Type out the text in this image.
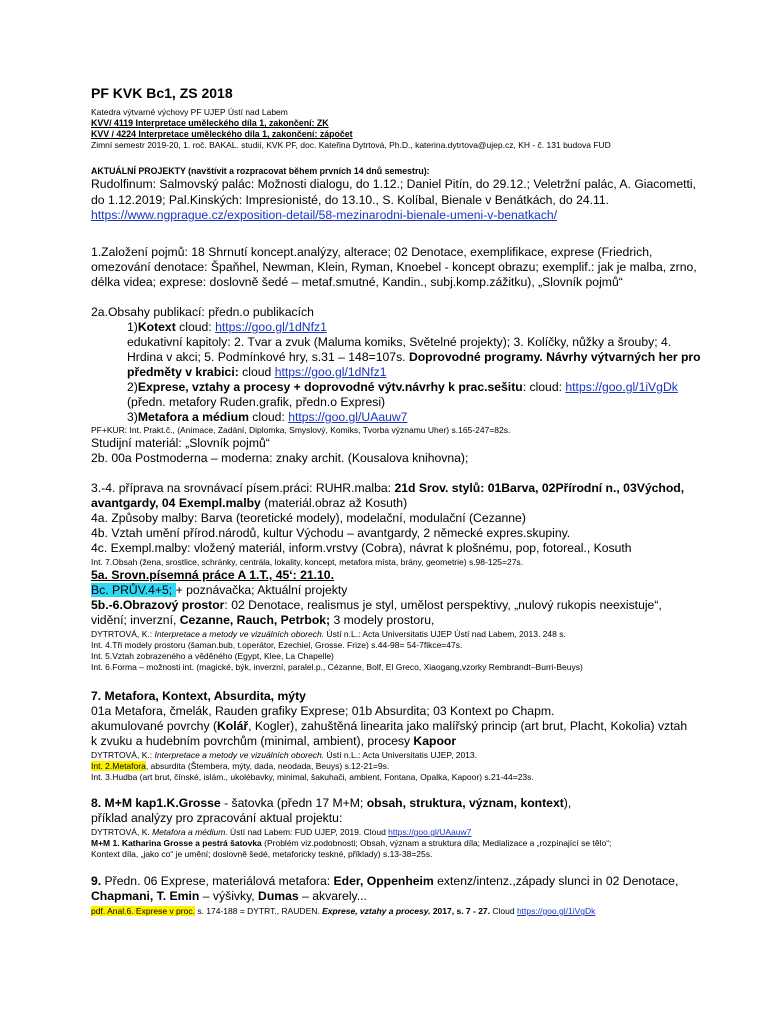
PF KVK Bc1, ZS 2018
Katedra výtvarné výchovy PF UJEP Ústí nad Labem
KVV/ 4119 Interpretace uměleckého díla 1, zakončení: ZK
KVV / 4224 Interpretace uměleckého díla 1, zakončení: zápočet
Zimní semestr 2019-20, 1. roč. BAKAL. studií, KVK PF, doc. Kateřina Dytrtová, Ph.D., katerina.dytrtova@ujep.cz, KH - č. 131 budova FUD
AKTUÁLNÍ PROJEKTY (navštívit a rozpracovat během prvních 14 dnů semestru):
Rudolfinum: Salmovský palác: Možnosti dialogu, do 1.12.; Daniel Pitín, do 29.12.; Veletržní palác, A. Giacometti,
do 1.12.2019; Pal.Kinských: Impresionisté, do 13.10., S. Kolíbal, Bienale v Benátkách, do 24.11.
https://www.ngprague.cz/exposition-detail/58-mezinarodni-bienale-umeni-v-benatkach/
1.Založení pojmů: 18 Shrnutí koncept.analýzy, alterace; 02 Denotace, exemplifikace, exprese (Friedrich,
omezování denotace: Špaňhel, Newman, Klein, Ryman, Knoebel - koncept obrazu; exemplif.: jak je malba, zrno,
délka videa; exprese: doslovně šedé – metaf.smutné, Kandin., subj.komp.zážitku), „Slovník pojmů“
2a.Obsahy publikací: předn.o publikacích
1)Kotext cloud: https://goo.gl/1dNfz1
edukativní kapitoly: 2. Tvar a zvuk (Maluma komiks, Světelné projekty); 3. Kolíčky, nůžky a šrouby; 4.
Hrdina v akci; 5. Podmínkové hry, s.31 – 148=107s. Doprovodné programy. Návrhy výtvarných her pro
předměty v krabici: cloud https://goo.gl/1dNfz1
2)Exprese, vztahy a procesy + doprovodné výtv.návrhy k prac.sešitu: cloud: https://goo.gl/1iVgDk
(předn. metafory Ruden.grafik, předn.o Expresi)
3)Metafora a médium cloud: https://goo.gl/UAauw7
PF+KUR: Int. Prakt.č., (Animace, Zadání, Diplomka, Smyslový, Komiks, Tvorba významu Uher) s.165-247=82s.
Studijní materiál: „Slovník pojmů“
2b. 00a Postmoderna – moderna: znaky archit. (Kousalova knihovna);
3.-4. příprava na srovnávací písem.práci: RUHR.malba: 21d Srov. stylů: 01Barva, 02Přírodní n., 03Východ,
avantgardy, 04 Exempl.malby (materiál.obraz až Kosuth)
4a. Způsoby malby: Barva (teoretické modely), modelační, modulační (Cezanne)
4b. Vztah umění přírod.národů, kultur Východu – avantgardy, 2 německé expres.skupiny.
4c. Exempl.malby: vložený materiál, inform.vrstvy (Cobra), návrat k plošnému, pop, fotoreal., Kosuth
Int. 7.Obsah (žena, srostlice, schránky, centrála, lokality, koncept, metafora místa, brány, geometrie) s.98-125=27s.
5a. Srovn.písemná práce A 1.T., 45‘: 21.10.
Bc. PRŮV.4+5; + poznávačka; Aktuální projekty
5b.-6.Obrazový prostor: 02 Denotace, realismus je styl, umělost perspektivy, „nulový rukopis neexistuje“,
vidění; inverzní, Cezanne, Rauch, Petrbok; 3 modely prostoru,
DYTRTOVÁ, K.: Interpretace a metody ve vizuálních oborech. Ústí n.L.: Acta Universitatis UJEP Ústí nad Labem, 2013. 248 s.
Int. 4.Tři modely prostoru (šaman.bub, t.operátor, Ezechiel, Grosse. Frize) s.44-98= 54-7fikce=47s.
Int. 5.Vztah zobrazeného a věděného (Egypt, Klee, La Chapelle)
Int. 6.Forma – možnosti int. (magické, býk, inverzní, paralel.p., Cézanne, Bolf, El Greco, Xiaogang,vzorky Rembrandt–Burri-Beuys)
7. Metafora, Kontext, Absurdita, mýty
01a Metafora, čmelák, Rauden grafiky Exprese; 01b Absurdita; 03 Kontext po Chapm.
akumulované povrchy (Kolář, Kogler), zahuštěná linearita jako malířský princip (art brut, Placht, Kokolia) vztah
k zvuku a hudebním povrchům (minimal, ambient), procesy Kapoor
DYTRTOVÁ, K.: Interpretace a metody ve vizuálních oborech. Ústí n.L.: Acta Universitatis UJEP, 2013.
Int. 2.Metafora, absurdita (Štembera, mýty, dada, neodada, Beuys) s.12-21=9s.
Int. 3.Hudba (art brut, čínské, islám., ukolébavky, minimal, šakuhači, ambient, Fontana, Opalka, Kapoor) s.21-44=23s.
8. M+M kap1.K.Grosse - šatovka (předn 17 M+M; obsah, struktura, význam, kontext),
příklad analýzy pro zpracování aktual projektu:
DYTRTOVÁ, K. Metafora a médium. Ústí nad Labem: FUD UJEP, 2019. Cloud https://goo.gl/UAauw7
M+M 1. Katharina Grosse a pestrá šatovka (Problém viz.podobnosti; Obsah, význam a struktura díla; Medializace a „rozpínající se tělo“;
Kontext díla, „jako co“ je umění; doslovně šedé, metaforicky teskné, příklady) s.13-38=25s.
9. Předn. 06 Exprese, materiálová metafora: Eder, Oppenheim extenz/intenz.,západy slunci in 02 Denotace,
Chapmani, T. Emin – výšivky, Dumas – akvarely...
pdf. Anal.6. Exprese v proc. s. 174-188 = DYTRT., RAUDEN. Exprese, vztahy a procesy. 2017, s. 7 - 27. Cloud https://goo.gl/1iVgDk
